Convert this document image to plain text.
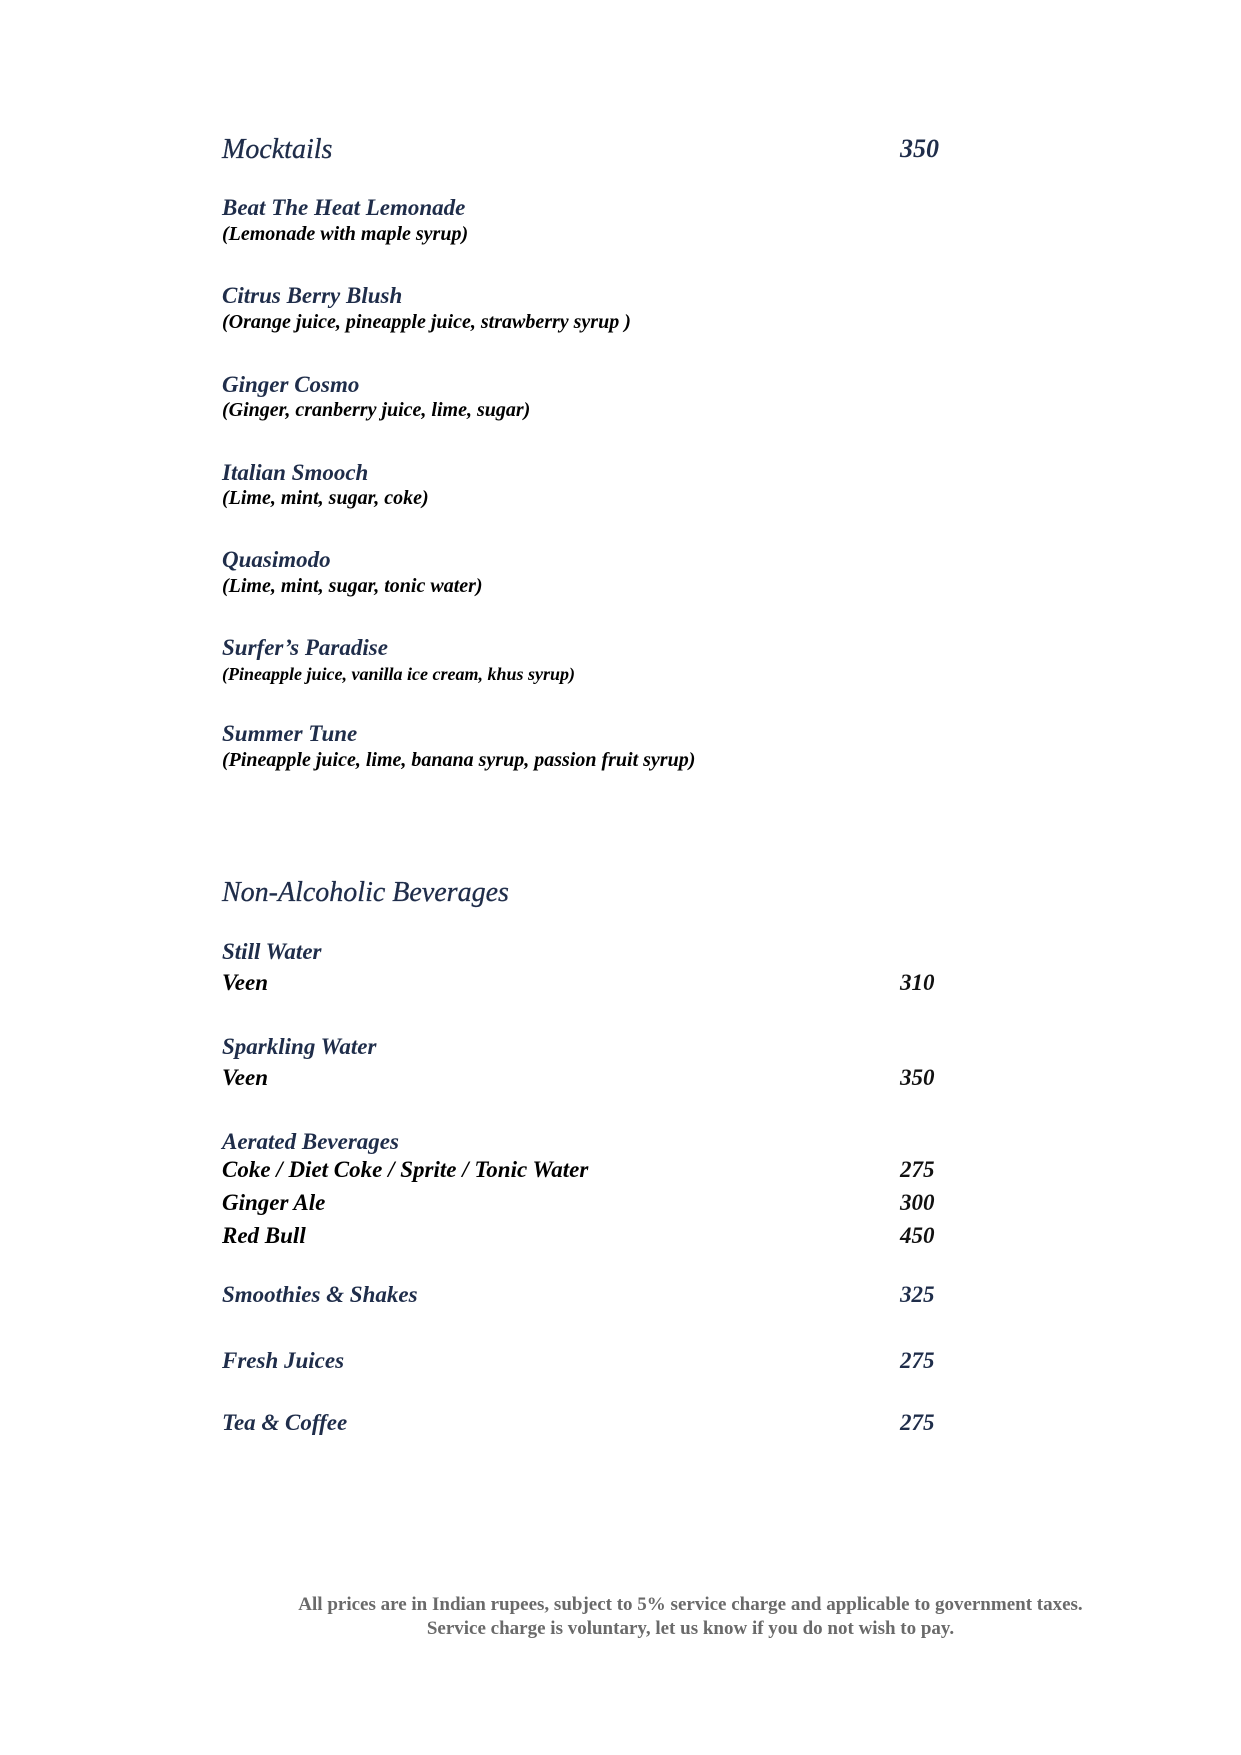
Mocktails	350
Beat The Heat Lemonade
(Lemonade with maple syrup)
Citrus Berry Blush
(Orange juice, pineapple juice, strawberry syrup )
Ginger Cosmo
(Ginger, cranberry juice, lime, sugar)
Italian Smooch
(Lime, mint, sugar, coke)
Quasimodo
(Lime, mint, sugar, tonic water)
Surfer’s Paradise
(Pineapple juice, vanilla ice cream, khus syrup)
Summer Tune
(Pineapple juice, lime, banana syrup, passion fruit syrup)
Non-Alcoholic Beverages
Still Water
Veen	310
Sparkling Water
Veen	350
Aerated Beverages
Coke / Diet Coke / Sprite / Tonic Water	275
Ginger Ale	300
Red Bull	450
Smoothies & Shakes	325
Fresh Juices	275
Tea & Coffee	275
All prices are in Indian rupees, subject to 5% service charge and applicable to government taxes.
Service charge is voluntary, let us know if you do not wish to pay.
